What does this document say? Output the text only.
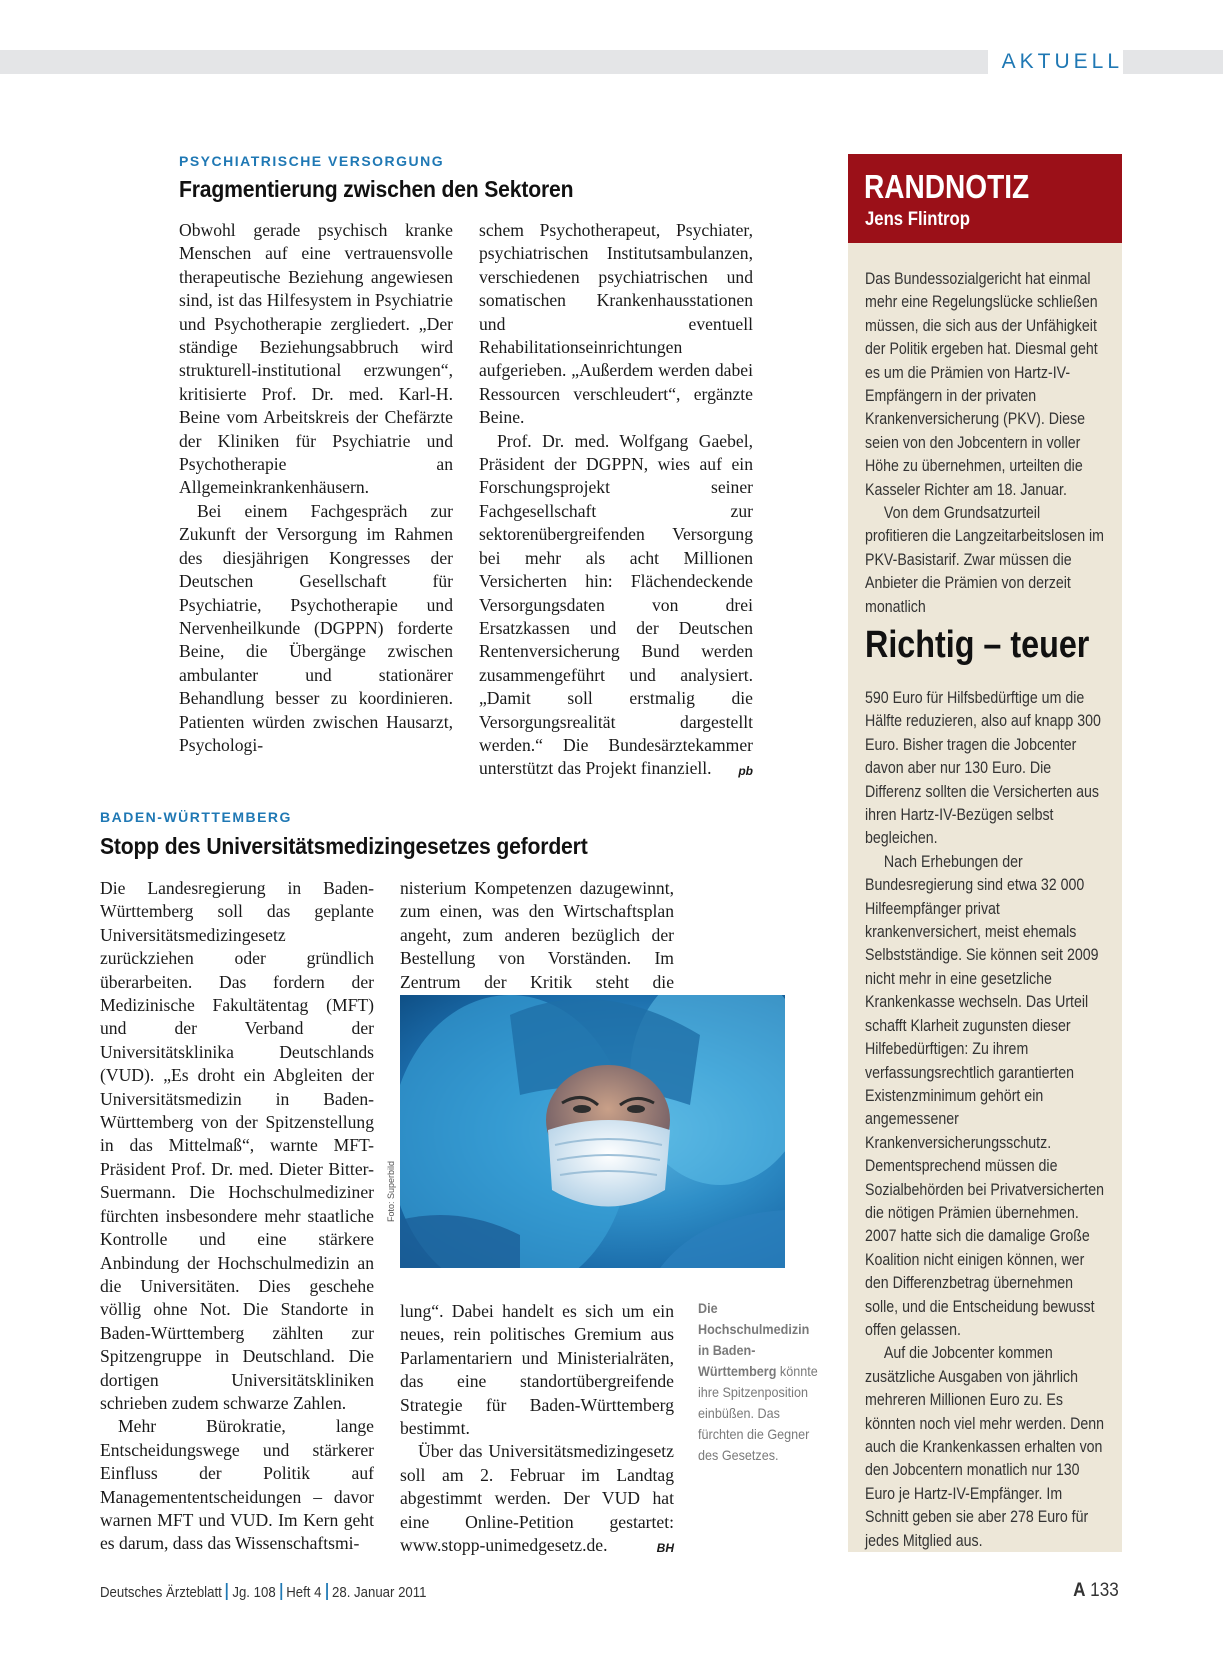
AKTUELL
PSYCHIATRISCHE VERSORGUNG
Fragmentierung zwischen den Sektoren

Obwohl gerade psychisch kranke Menschen auf eine vertrauensvolle therapeutische Beziehung angewiesen sind, ist das Hilfesystem in Psychiatrie und Psychotherapie zergliedert. „Der ständige Beziehungsabbruch wird strukturell-institutional erzwungen“, kritisierte Prof. Dr. med. Karl-H. Beine vom Arbeitskreis der Chefärzte der Kliniken für Psychiatrie und Psychotherapie an Allgemeinkrankenhäusern.

Bei einem Fachgespräch zur Zukunft der Versorgung im Rahmen des diesjährigen Kongresses der Deutschen Gesellschaft für Psychiatrie, Psychotherapie und Nervenheilkunde (DGPPN) forderte Beine, die Übergänge zwischen ambulanter und stationärer Behandlung besser zu koordinieren. Patienten würden zwischen Hausarzt, Psychologi-

schem Psychotherapeut, Psychiater, psychiatrischen Institutsambulanzen, verschiedenen psychiatrischen und somatischen Krankenhausstationen und eventuell Rehabilitationseinrichtungen aufgerieben. „Außerdem werden dabei Ressourcen verschleudert“, ergänzte Beine.

Prof. Dr. med. Wolfgang Gaebel, Präsident der DGPPN, wies auf ein Forschungsprojekt seiner Fachgesellschaft zur sektorenübergreifenden Versorgung bei mehr als acht Millionen Versicherten hin: Flächendeckende Versorgungsdaten von drei Ersatzkassen und der Deutschen Rentenversicherung Bund werden zusammengeführt und analysiert. „Damit soll erstmalig die Versorgungsrealität dargestellt werden.“ Die Bundesärztekammer unterstützt das Projekt finanziell.	pb

BADEN-WÜRTTEMBERG
Stopp des Universitätsmedizingesetzes gefordert

Die Landesregierung in Baden-Württemberg soll das geplante Universitätsmedizingesetz zurückziehen oder gründlich überarbeiten. Das fordern der Medizinische Fakultätentag (MFT) und der Verband der Universitätsklinika Deutschlands (VUD). „Es droht ein Abgleiten der Universitätsmedizin in Baden-Württemberg von der Spitzenstellung in das Mittelmaß“, warnte MFT-Präsident Prof. Dr. med. Dieter Bitter-Suermann. Die Hochschulmediziner fürchten insbesondere mehr staatliche Kontrolle und eine stärkere Anbindung der Hochschulmedizin an die Universitäten. Dies geschehe völlig ohne Not. Die Standorte in Baden-Württemberg zählten zur Spitzengruppe in Deutschland. Die dortigen Universitätskliniken schrieben zudem schwarze Zahlen.

Mehr Bürokratie, lange Entscheidungswege und stärkerer Einfluss der Politik auf Managemententscheidungen – davor warnen MFT und VUD. Im Kern geht es darum, dass das Wissenschaftsmi-

nisterium Kompetenzen dazugewinnt, zum einen, was den Wirtschaftsplan angeht, zum anderen bezüglich der Bestellung von Vorständen. Im Zentrum der Kritik steht die

Foto: Superbild

lung“. Dabei handelt es sich um ein neues, rein politisches Gremium aus Parlamentariern und Ministerialräten, das eine standortübergreifende Strategie für Baden-Württemberg bestimmt.

Über das Universitätsmedizingesetz soll am 2. Februar im Landtag abgestimmt werden. Der VUD hat eine Online-Petition gestartet: www.stopp-unimedgesetz.de.	BH

Die Hochschulmedizin in Baden-Württemberg könnte ihre Spitzenposition einbüßen. Das fürchten die Gegner des Gesetzes.
RANDNOTIZ
Jens Flintrop

Das Bundessozialgericht hat einmal mehr eine Regelungslücke schließen müssen, die sich aus der Unfähigkeit der Politik ergeben hat. Diesmal geht es um die Prämien von Hartz-IV-Empfängern in der privaten Krankenversicherung (PKV). Diese seien von den Jobcentern in voller Höhe zu übernehmen, urteilten die Kasseler Richter am 18. Januar.

Von dem Grundsatzurteil profitieren die Langzeitarbeitslosen im PKV-Basistarif. Zwar müssen die Anbieter die Prämien von derzeit monatlich

Richtig – teuer

590 Euro für Hilfsbedürftige um die Hälfte reduzieren, also auf knapp 300 Euro. Bisher tragen die Jobcenter davon aber nur 130 Euro. Die Differenz sollten die Versicherten aus ihren Hartz-IV-Bezügen selbst begleichen.

Nach Erhebungen der Bundesregierung sind etwa 32 000 Hilfeempfänger privat krankenversichert, meist ehemals Selbstständige. Sie können seit 2009 nicht mehr in eine gesetzliche Krankenkasse wechseln. Das Urteil schafft Klarheit zugunsten dieser Hilfebedürftigen: Zu ihrem verfassungsrechtlich garantierten Existenzminimum gehört ein angemessener Krankenversicherungsschutz. Dementsprechend müssen die Sozialbehörden bei Privatversicherten die nötigen Prämien übernehmen. 2007 hatte sich die damalige Große Koalition nicht einigen können, wer den Differenzbetrag übernehmen solle, und die Entscheidung bewusst offen gelassen.

Auf die Jobcenter kommen zusätzliche Ausgaben von jährlich mehreren Millionen Euro zu. Es könnten noch viel mehr werden. Denn auch die Krankenkassen erhalten von den Jobcentern monatlich nur 130 Euro je Hartz-IV-Empfänger. Im Schnitt geben sie aber 278 Euro für jedes Mitglied aus.

Deutsches Ärzteblatt Jg. 108 Heft 4 28. Januar 2011	A 133
